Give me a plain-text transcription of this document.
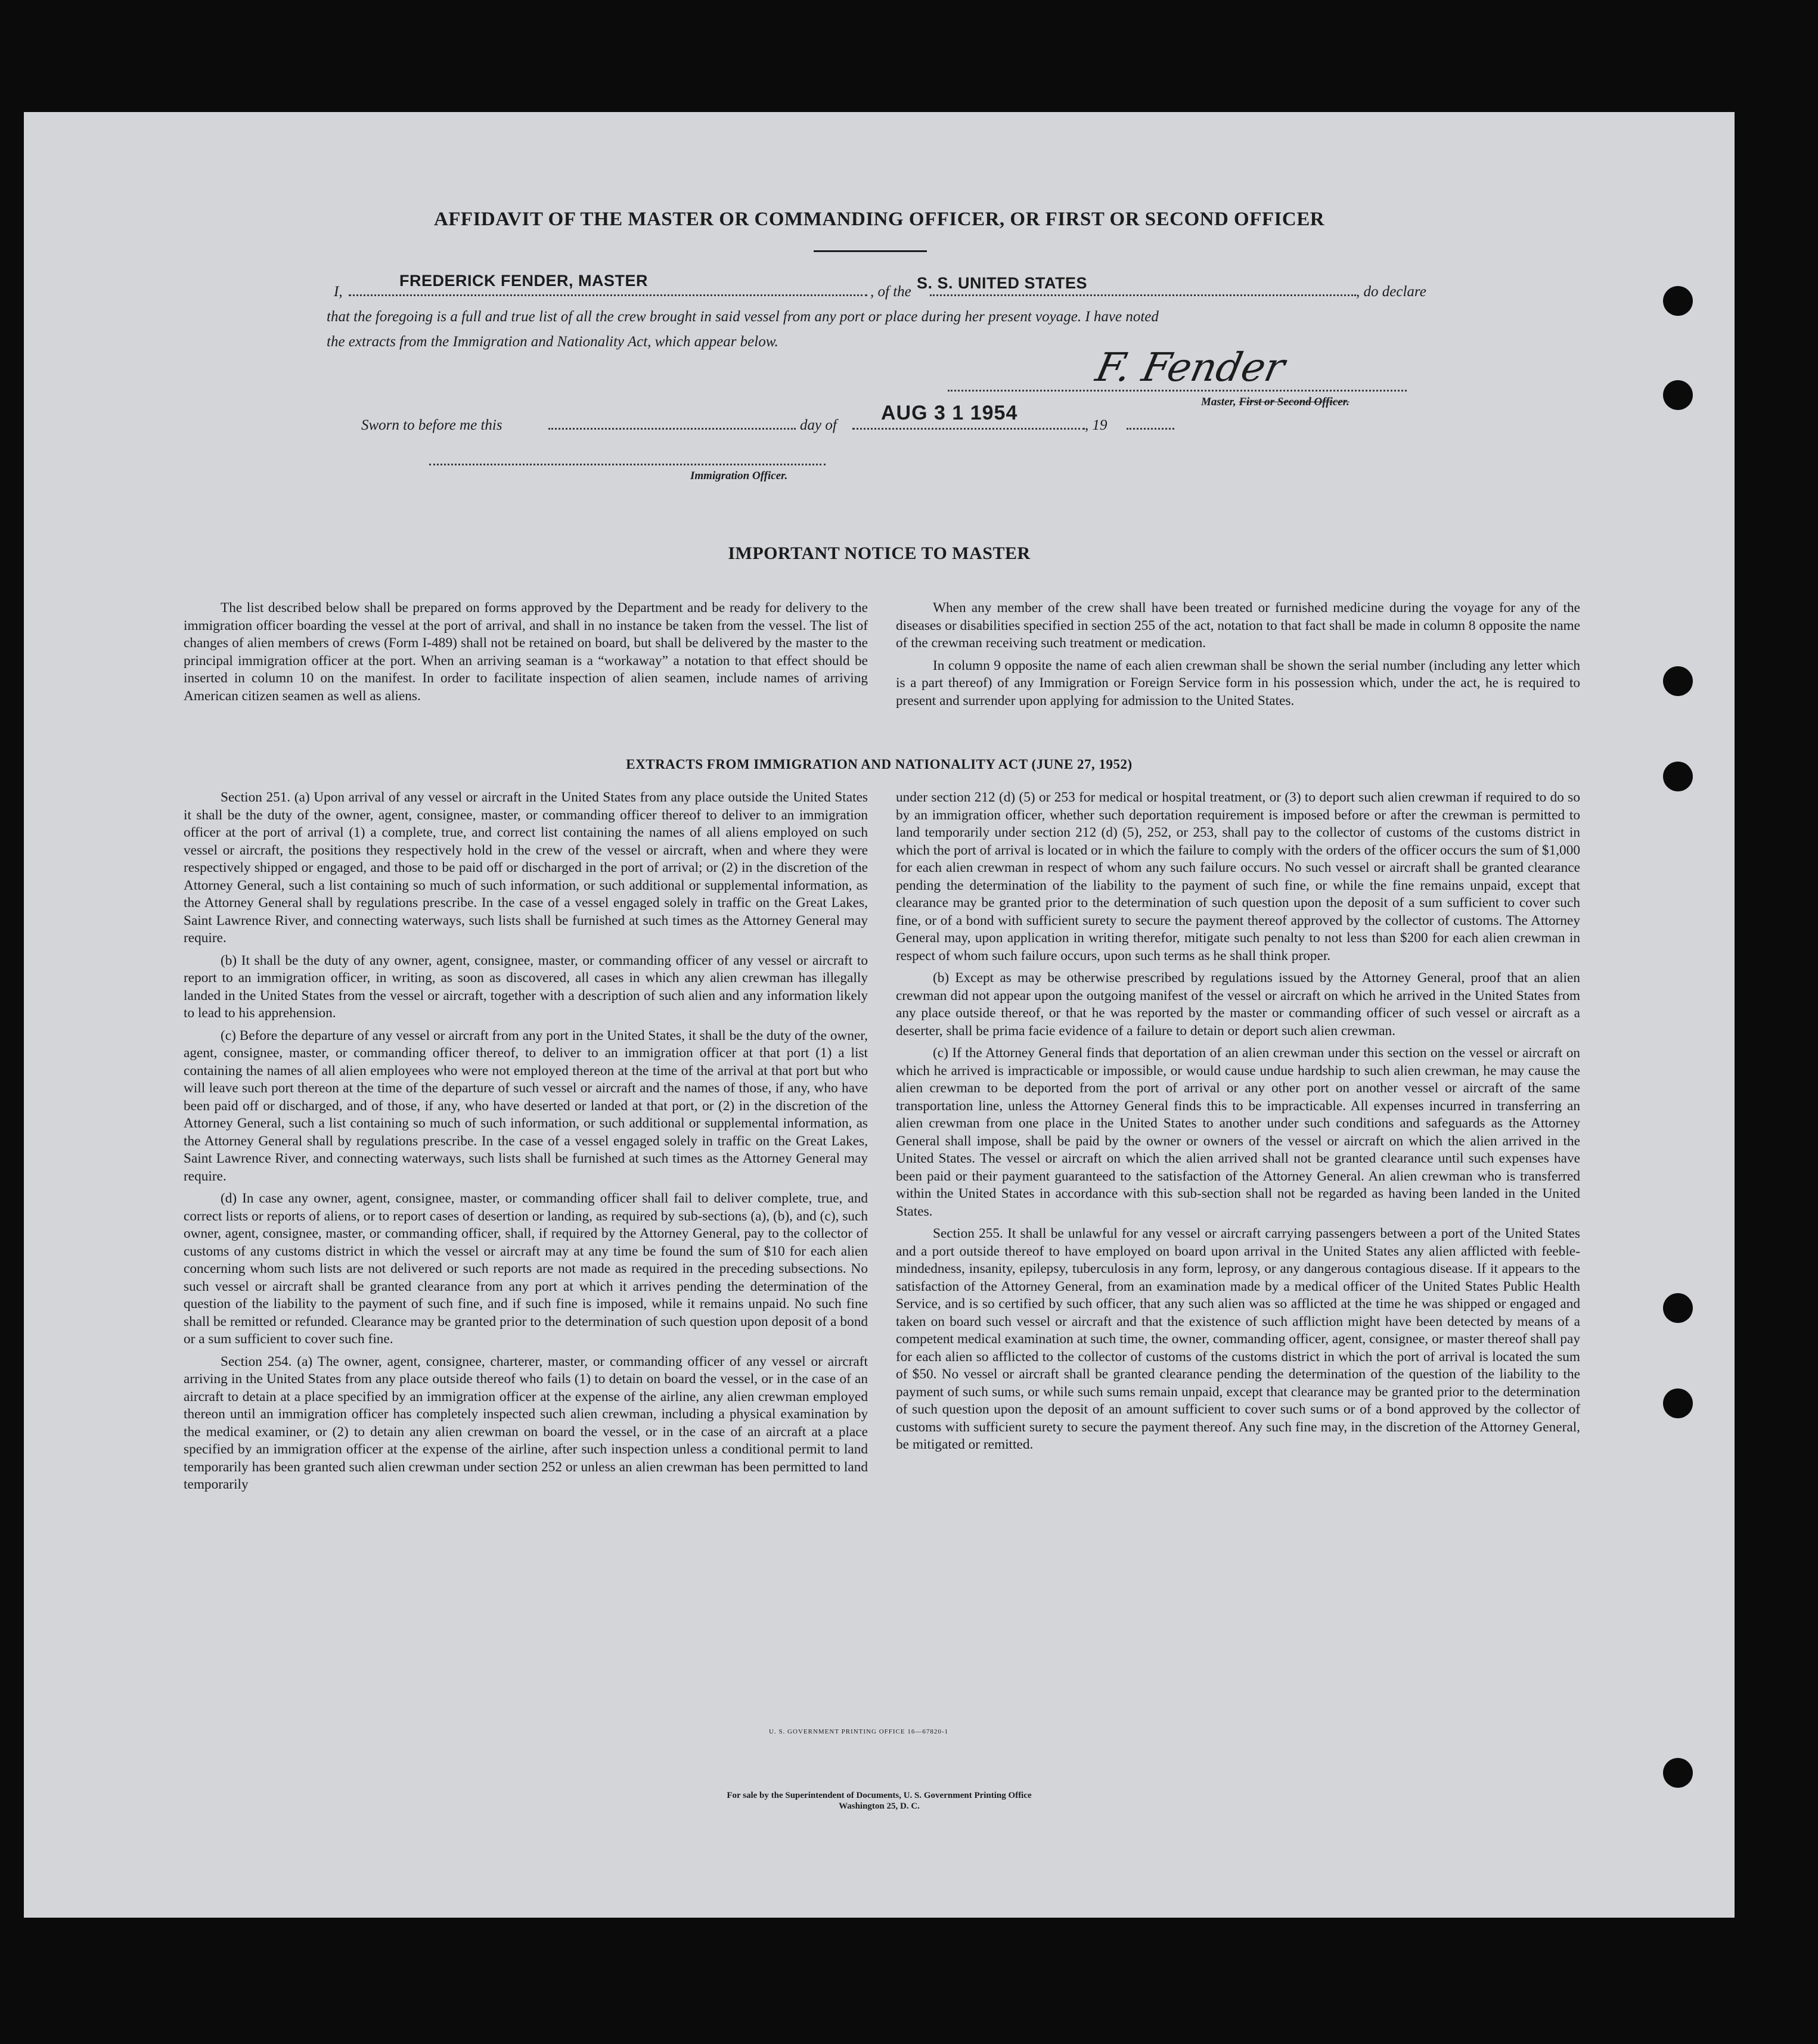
AFFIDAVIT OF THE MASTER OR COMMANDING OFFICER, OR FIRST OR SECOND OFFICER
I,
FREDERICK FENDER, MASTER
, of the S. S. UNITED STATES	, do declare
that the foregoing is a full and true list of all the crew brought in said vessel from any port or place during her present voyage. I have noted
the extracts from the Immigration and Nationality Act, which appear below.
F. Fender
Master, First or Second Officer.
Sworn to before me this	day of
AUG 3 1 1954
, 19
Immigration Officer.
IMPORTANT NOTICE TO MASTER

The list described below shall be prepared on forms approved by the Department and be ready for delivery to the immigration officer boarding the vessel at the port of arrival, and shall in no instance be taken from the vessel. The list of changes of alien members of crews (Form I-489) shall not be retained on board, but shall be delivered by the master to the principal immigration officer at the port. When an arriving seaman is a “workaway” a notation to that effect should be inserted in column 10 on the manifest. In order to facilitate inspection of alien seamen, include names of arriving American citizen seamen as well as aliens.

When any member of the crew shall have been treated or furnished medicine during the voyage for any of the diseases or disabilities specified in section 255 of the act, notation to that fact shall be made in column 8 opposite the name of the crewman receiving such treatment or medication.

In column 9 opposite the name of each alien crewman shall be shown the serial number (including any letter which is a part thereof) of any Immigration or Foreign Service form in his possession which, under the act, he is required to present and surrender upon applying for admission to the United States.

EXTRACTS FROM IMMIGRATION AND NATIONALITY ACT (JUNE 27, 1952)

Section 251. (a) Upon arrival of any vessel or aircraft in the United States from any place outside the United States it shall be the duty of the owner, agent, consignee, master, or commanding officer thereof to deliver to an immigration officer at the port of arrival (1) a complete, true, and correct list containing the names of all aliens employed on such vessel or aircraft, the positions they respectively hold in the crew of the vessel or aircraft, when and where they were respectively shipped or engaged, and those to be paid off or discharged in the port of arrival; or (2) in the discretion of the Attorney General, such a list containing so much of such information, or such additional or supplemental information, as the Attorney General shall by regulations prescribe. In the case of a vessel engaged solely in traffic on the Great Lakes, Saint Lawrence River, and connecting waterways, such lists shall be furnished at such times as the Attorney General may require.

(b) It shall be the duty of any owner, agent, consignee, master, or commanding officer of any vessel or aircraft to report to an immigration officer, in writing, as soon as discovered, all cases in which any alien crewman has illegally landed in the United States from the vessel or aircraft, together with a description of such alien and any information likely to lead to his apprehension.

(c) Before the departure of any vessel or aircraft from any port in the United States, it shall be the duty of the owner, agent, consignee, master, or commanding officer thereof, to deliver to an immigration officer at that port (1) a list containing the names of all alien employees who were not employed thereon at the time of the arrival at that port but who will leave such port thereon at the time of the departure of such vessel or aircraft and the names of those, if any, who have been paid off or discharged, and of those, if any, who have deserted or landed at that port, or (2) in the discretion of the Attorney General, such a list containing so much of such information, or such additional or supplemental information, as the Attorney General shall by regulations prescribe. In the case of a vessel engaged solely in traffic on the Great Lakes, Saint Lawrence River, and connecting waterways, such lists shall be furnished at such times as the Attorney General may require.

(d) In case any owner, agent, consignee, master, or commanding officer shall fail to deliver complete, true, and correct lists or reports of aliens, or to report cases of desertion or landing, as required by sub-sections (a), (b), and (c), such owner, agent, consignee, master, or commanding officer, shall, if required by the Attorney General, pay to the collector of customs of any customs district in which the vessel or aircraft may at any time be found the sum of $10 for each alien concerning whom such lists are not delivered or such reports are not made as required in the preceding subsections. No such vessel or aircraft shall be granted clearance from any port at which it arrives pending the determination of the question of the liability to the payment of such fine, and if such fine is imposed, while it remains unpaid. No such fine shall be remitted or refunded. Clearance may be granted prior to the determination of such question upon deposit of a bond or a sum sufficient to cover such fine.

Section 254. (a) The owner, agent, consignee, charterer, master, or commanding officer of any vessel or aircraft arriving in the United States from any place outside thereof who fails (1) to detain on board the vessel, or in the case of an aircraft to detain at a place specified by an immigration officer at the expense of the airline, any alien crewman employed thereon until an immigration officer has completely inspected such alien crewman, including a physical examination by the medical examiner, or (2) to detain any alien crewman on board the vessel, or in the case of an aircraft at a place specified by an immigration officer at the expense of the airline, after such inspection unless a conditional permit to land temporarily has been granted such alien crewman under section 252 or unless an alien crewman has been permitted to land temporarily

under section 212 (d) (5) or 253 for medical or hospital treatment, or (3) to deport such alien crewman if required to do so by an immigration officer, whether such deportation requirement is imposed before or after the crewman is permitted to land temporarily under section 212 (d) (5), 252, or 253, shall pay to the collector of customs of the customs district in which the port of arrival is located or in which the failure to comply with the orders of the officer occurs the sum of $1,000 for each alien crewman in respect of whom any such failure occurs. No such vessel or aircraft shall be granted clearance pending the determination of the liability to the payment of such fine, or while the fine remains unpaid, except that clearance may be granted prior to the determination of such question upon the deposit of a sum sufficient to cover such fine, or of a bond with sufficient surety to secure the payment thereof approved by the collector of customs. The Attorney General may, upon application in writing therefor, mitigate such penalty to not less than $200 for each alien crewman in respect of whom such failure occurs, upon such terms as he shall think proper.

(b) Except as may be otherwise prescribed by regulations issued by the Attorney General, proof that an alien crewman did not appear upon the outgoing manifest of the vessel or aircraft on which he arrived in the United States from any place outside thereof, or that he was reported by the master or commanding officer of such vessel or aircraft as a deserter, shall be prima facie evidence of a failure to detain or deport such alien crewman.

(c) If the Attorney General finds that deportation of an alien crewman under this section on the vessel or aircraft on which he arrived is impracticable or impossible, or would cause undue hardship to such alien crewman, he may cause the alien crewman to be deported from the port of arrival or any other port on another vessel or aircraft of the same transportation line, unless the Attorney General finds this to be impracticable. All expenses incurred in transferring an alien crewman from one place in the United States to another under such conditions and safeguards as the Attorney General shall impose, shall be paid by the owner or owners of the vessel or aircraft on which the alien arrived in the United States. The vessel or aircraft on which the alien arrived shall not be granted clearance until such expenses have been paid or their payment guaranteed to the satisfaction of the Attorney General. An alien crewman who is transferred within the United States in accordance with this sub-section shall not be regarded as having been landed in the United States.

Section 255. It shall be unlawful for any vessel or aircraft carrying passengers between a port of the United States and a port outside thereof to have employed on board upon arrival in the United States any alien afflicted with feeble-mindedness, insanity, epilepsy, tuberculosis in any form, leprosy, or any dangerous contagious disease. If it appears to the satisfaction of the Attorney General, from an examination made by a medical officer of the United States Public Health Service, and is so certified by such officer, that any such alien was so afflicted at the time he was shipped or engaged and taken on board such vessel or aircraft and that the existence of such affliction might have been detected by means of a competent medical examination at such time, the owner, commanding officer, agent, consignee, or master thereof shall pay for each alien so afflicted to the collector of customs of the customs district in which the port of arrival is located the sum of $50. No vessel or aircraft shall be granted clearance pending the determination of the question of the liability to the payment of such sums, or while such sums remain unpaid, except that clearance may be granted prior to the determination of such question upon the deposit of an amount sufficient to cover such sums or of a bond approved by the collector of customs with sufficient surety to secure the payment thereof. Any such fine may, in the discretion of the Attorney General, be mitigated or remitted.

U. S. GOVERNMENT PRINTING OFFICE 16—67820-1
For sale by the Superintendent of Documents, U. S. Government Printing Office
Washington 25, D. C.
